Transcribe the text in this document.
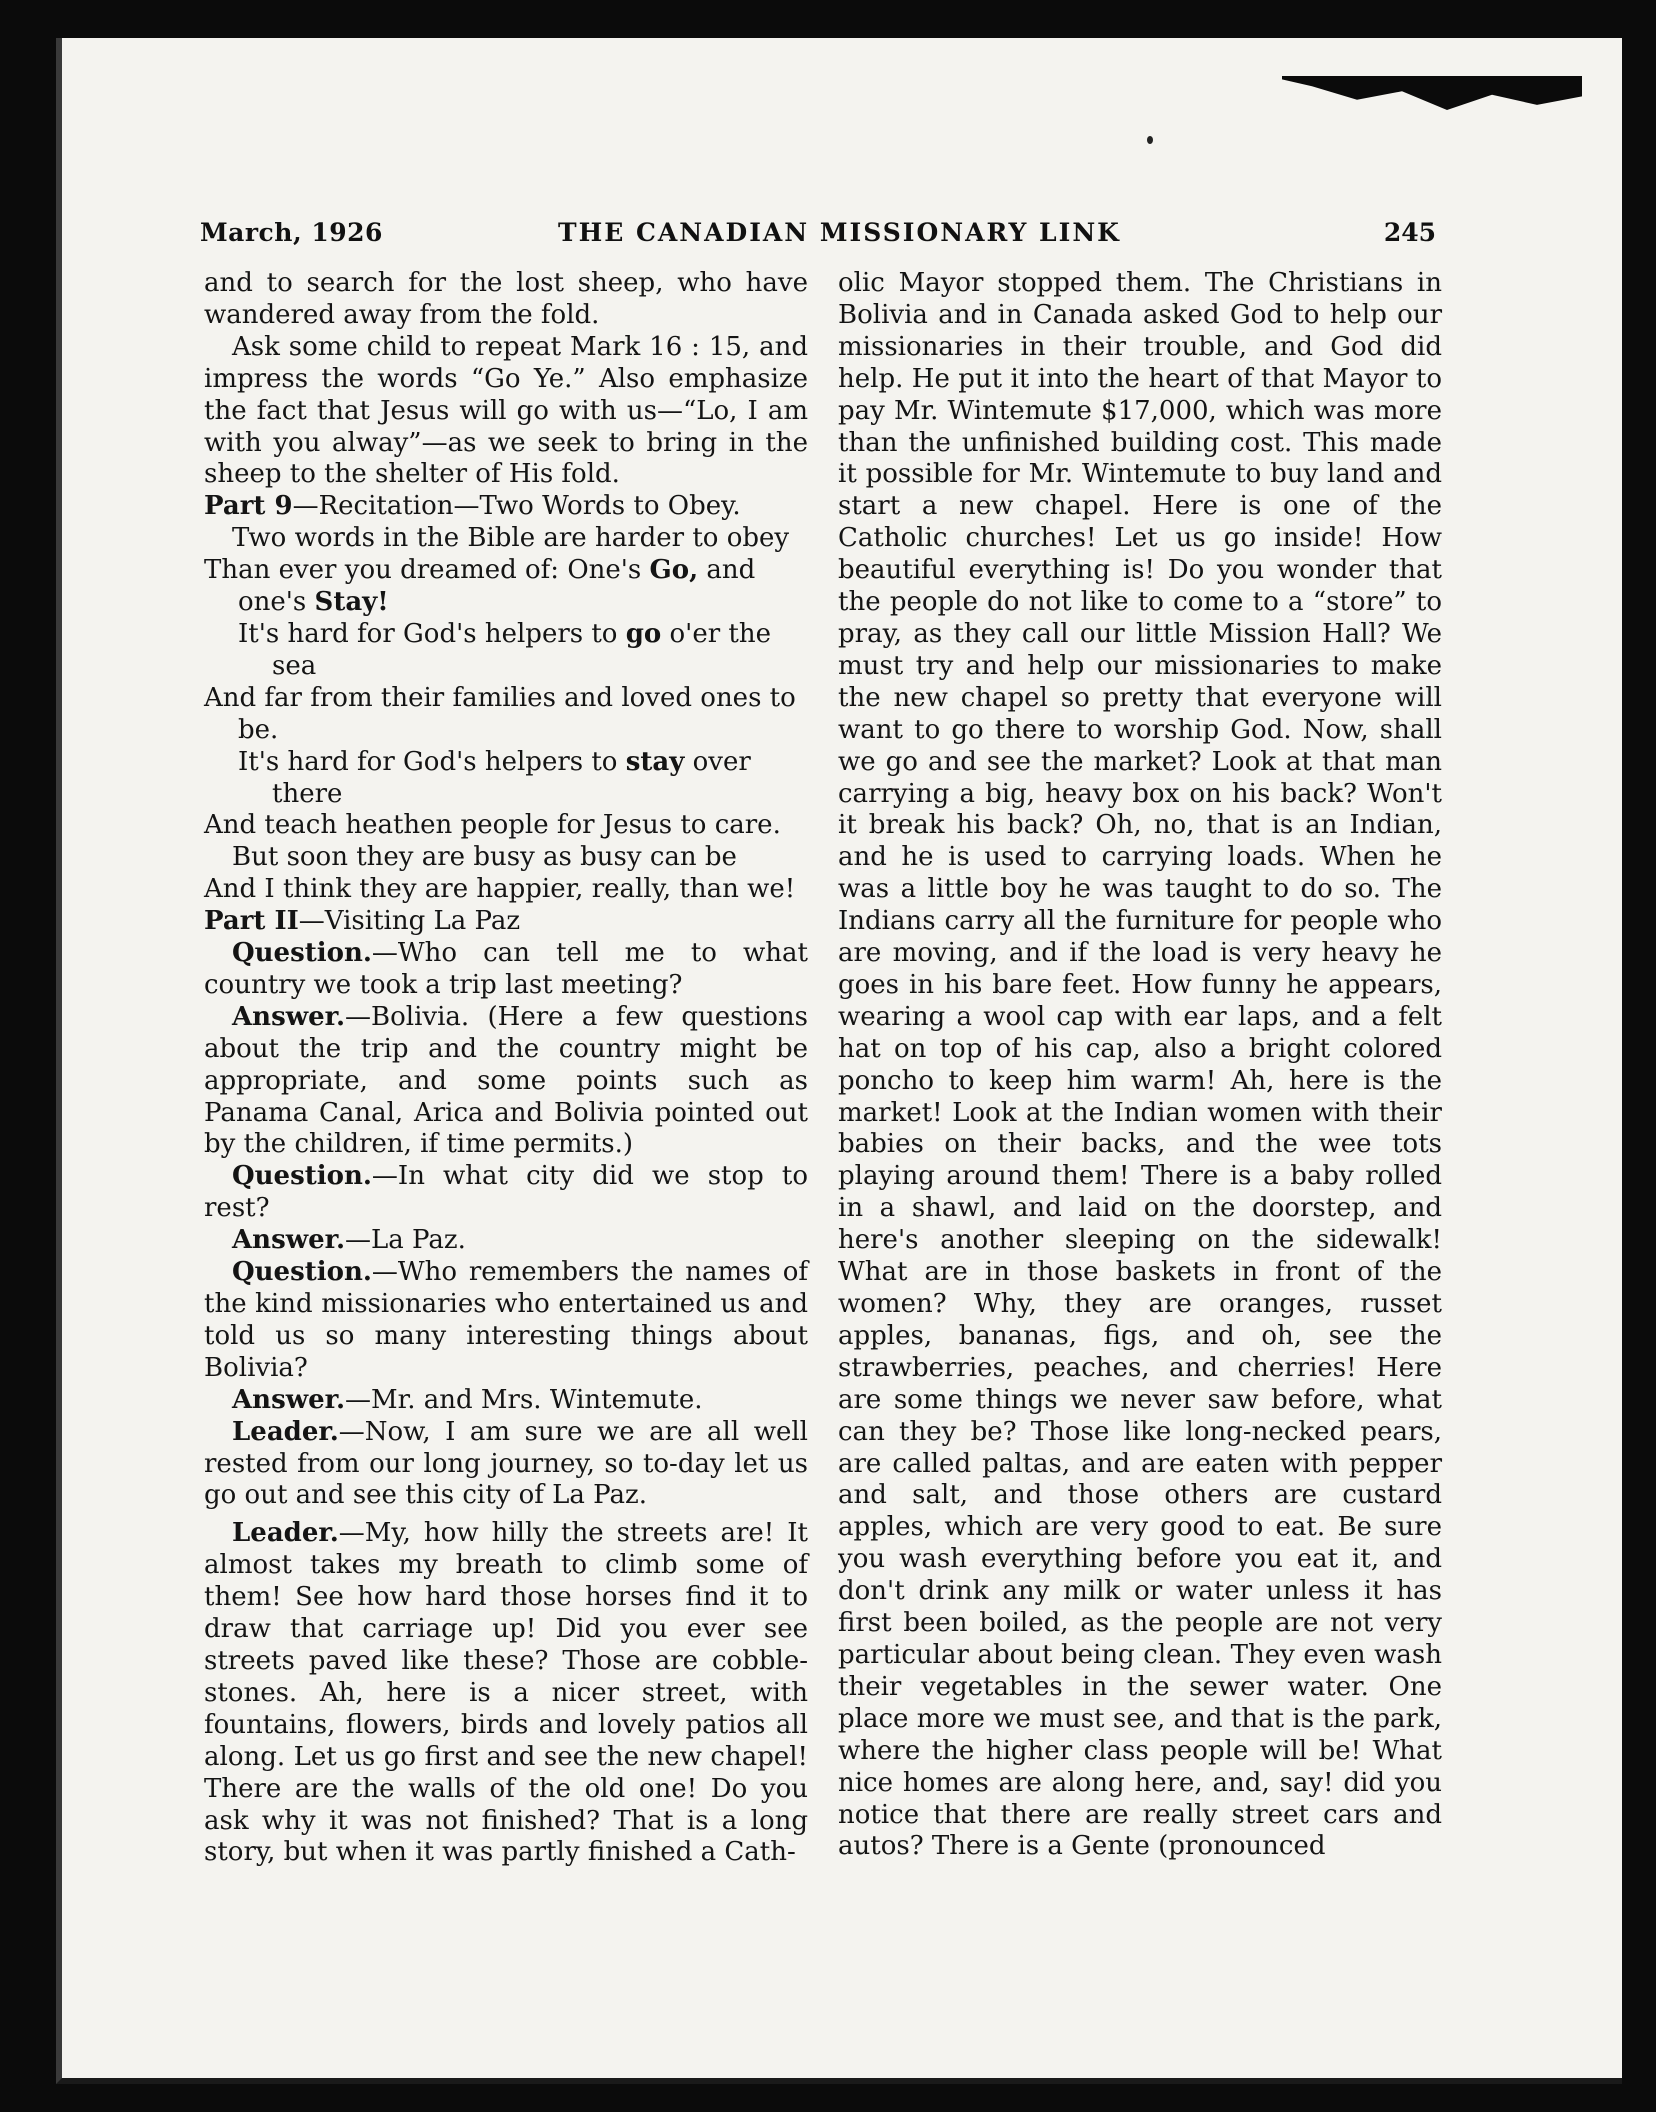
March, 1926	THE CANADIAN MISSIONARY LINK	245

and to search for the lost sheep, who have wandered away from the fold.

Ask some child to repeat Mark 16 : 15, and impress the words “Go Ye.” Also emphasize the fact that Jesus will go with us—“Lo, I am with you alway”—as we seek to bring in the sheep to the shelter of His fold.

Part 9—Recitation—Two Words to Obey.

Two words in the Bible are harder to obey

Than ever you dreamed of: One's Go, and one's Stay!

It's hard for God's helpers to go o'er the sea

And far from their families and loved ones to be.

It's hard for God's helpers to stay over there

And teach heathen people for Jesus to care.

But soon they are busy as busy can be

And I think they are happier, really, than we!

Part II—Visiting La Paz

Question.—Who can tell me to what country we took a trip last meeting?

Answer.—Bolivia. (Here a few questions about the trip and the country might be appropriate, and some points such as Panama Canal, Arica and Bolivia pointed out by the children, if time permits.)

Question.—In what city did we stop to rest?

Answer.—La Paz.

Question.—Who remembers the names of the kind missionaries who entertained us and told us so many interesting things about Bolivia?

Answer.—Mr. and Mrs. Wintemute.

Leader.—Now, I am sure we are all well rested from our long journey, so to-day let us go out and see this city of La Paz.

Leader.—My, how hilly the streets are! It almost takes my breath to climb some of them! See how hard those horses find it to draw that carriage up! Did you ever see streets paved like these? Those are cobble-stones. Ah, here is a nicer street, with fountains, flowers, birds and lovely patios all along. Let us go first and see the new chapel! There are the walls of the old one! Do you ask why it was not finished? That is a long story, but when it was partly finished a Cath-

olic Mayor stopped them. The Christians in Bolivia and in Canada asked God to help our missionaries in their trouble, and God did help. He put it into the heart of that Mayor to pay Mr. Wintemute $17,000, which was more than the unfinished building cost. This made it possible for Mr. Wintemute to buy land and start a new chapel. Here is one of the Catholic churches! Let us go inside! How beautiful everything is! Do you wonder that the people do not like to come to a “store” to pray, as they call our little Mission Hall? We must try and help our missionaries to make the new chapel so pretty that everyone will want to go there to worship God. Now, shall we go and see the market? Look at that man carrying a big, heavy box on his back? Won't it break his back? Oh, no, that is an Indian, and he is used to carrying loads. When he was a little boy he was taught to do so. The Indians carry all the furniture for people who are moving, and if the load is very heavy he goes in his bare feet. How funny he appears, wearing a wool cap with ear laps, and a felt hat on top of his cap, also a bright colored poncho to keep him warm! Ah, here is the market! Look at the Indian women with their babies on their backs, and the wee tots playing around them! There is a baby rolled in a shawl, and laid on the doorstep, and here's another sleeping on the sidewalk! What are in those baskets in front of the women? Why, they are oranges, russet apples, bananas, figs, and oh, see the strawberries, peaches, and cherries! Here are some things we never saw before, what can they be? Those like long-necked pears, are called paltas, and are eaten with pepper and salt, and those others are custard apples, which are very good to eat. Be sure you wash everything before you eat it, and don't drink any milk or water unless it has first been boiled, as the people are not very particular about being clean. They even wash their vegetables in the sewer water. One place more we must see, and that is the park, where the higher class people will be! What nice homes are along here, and, say! did you notice that there are really street cars and autos? There is a Gente (pronounced
